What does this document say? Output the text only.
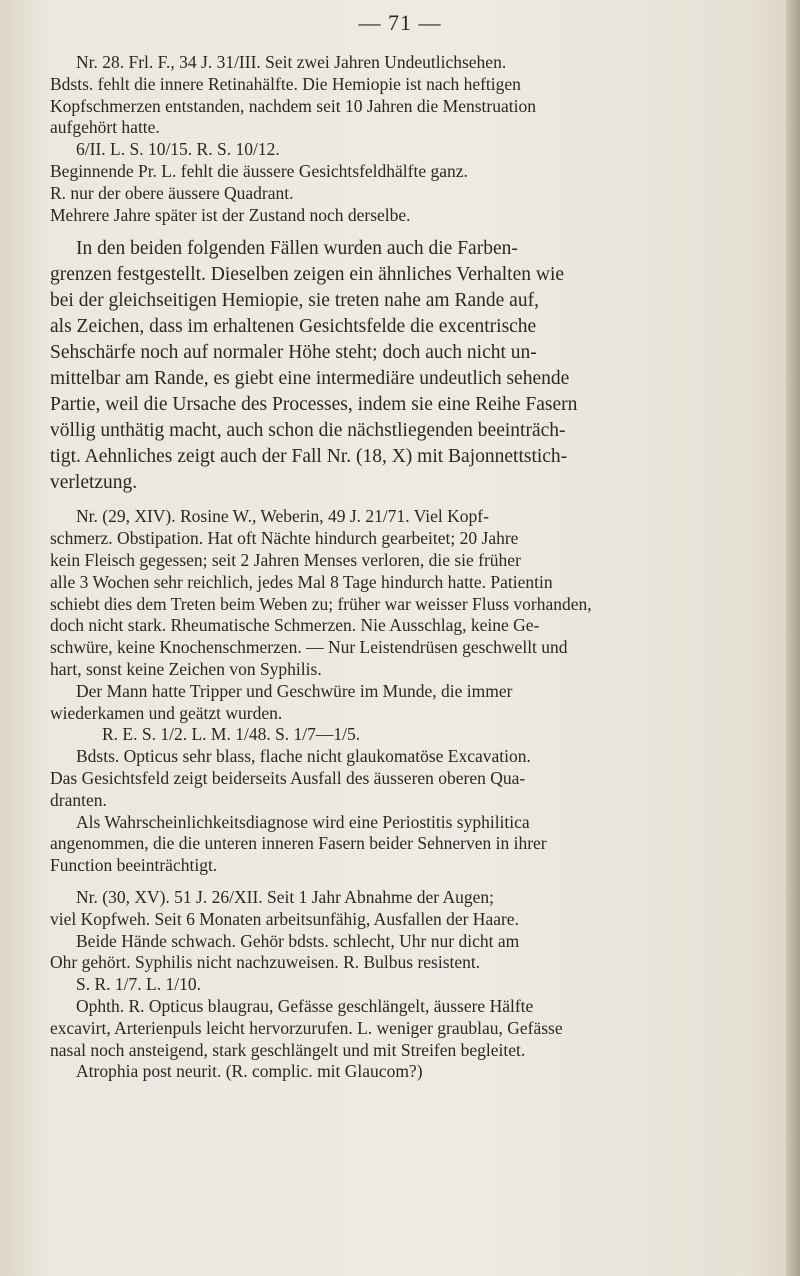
— 71 —
Nr. 28. Frl. F., 34 J. 31/III. Seit zwei Jahren Undeutlichsehen.
Bdsts. fehlt die innere Retinahälfte. Die Hemiopie ist nach heftigen
Kopfschmerzen entstanden, nachdem seit 10 Jahren die Menstruation
aufgehört hatte.
6/II. L. S. 10/15. R. S. 10/12.
Beginnende Pr. L. fehlt die äussere Gesichtsfeldhälfte ganz.
R. nur der obere äussere Quadrant.
Mehrere Jahre später ist der Zustand noch derselbe.
In den beiden folgenden Fällen wurden auch die Farben-
grenzen festgestellt. Dieselben zeigen ein ähnliches Verhalten wie
bei der gleichseitigen Hemiopie, sie treten nahe am Rande auf,
als Zeichen, dass im erhaltenen Gesichtsfelde die excentrische
Sehschärfe noch auf normaler Höhe steht; doch auch nicht un-
mittelbar am Rande, es giebt eine intermediäre undeutlich sehende
Partie, weil die Ursache des Processes, indem sie eine Reihe Fasern
völlig unthätig macht, auch schon die nächstliegenden beeinträch-
tigt. Aehnliches zeigt auch der Fall Nr. (18, X) mit Bajonnettstich-
verletzung.
Nr. (29, XIV). Rosine W., Weberin, 49 J. 21/71. Viel Kopf-
schmerz. Obstipation. Hat oft Nächte hindurch gearbeitet; 20 Jahre
kein Fleisch gegessen; seit 2 Jahren Menses verloren, die sie früher
alle 3 Wochen sehr reichlich, jedes Mal 8 Tage hindurch hatte. Patientin
schiebt dies dem Treten beim Weben zu; früher war weisser Fluss vorhanden,
doch nicht stark. Rheumatische Schmerzen. Nie Ausschlag, keine Ge-
schwüre, keine Knochenschmerzen. — Nur Leistendrüsen geschwellt und
hart, sonst keine Zeichen von Syphilis.
Der Mann hatte Tripper und Geschwüre im Munde, die immer
wiederkamen und geätzt wurden.
R. E. S. 1/2. L. M. 1/48. S. 1/7—1/5.
Bdsts. Opticus sehr blass, flache nicht glaukomatöse Excavation.
Das Gesichtsfeld zeigt beiderseits Ausfall des äusseren oberen Qua-
dranten.
Als Wahrscheinlichkeitsdiagnose wird eine Periostitis syphilitica
angenommen, die die unteren inneren Fasern beider Sehnerven in ihrer
Function beeinträchtigt.
Nr. (30, XV). 51 J. 26/XII. Seit 1 Jahr Abnahme der Augen;
viel Kopfweh. Seit 6 Monaten arbeitsunfähig, Ausfallen der Haare.
Beide Hände schwach. Gehör bdsts. schlecht, Uhr nur dicht am
Ohr gehört. Syphilis nicht nachzuweisen. R. Bulbus resistent.
S. R. 1/7. L. 1/10.
Ophth. R. Opticus blaugrau, Gefässe geschlängelt, äussere Hälfte
excavirt, Arterienpuls leicht hervorzurufen. L. weniger graublau, Gefässe
nasal noch ansteigend, stark geschlängelt und mit Streifen begleitet.
Atrophia post neurit. (R. complic. mit Glaucom?)
